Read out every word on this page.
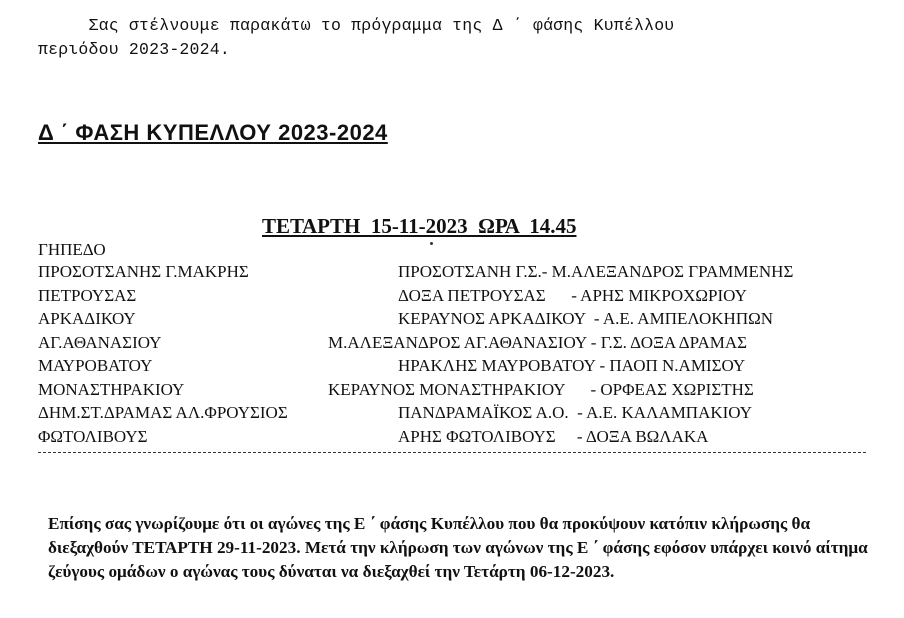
Σας στέλνουμε παρακάτω το πρόγραμμα της Δ ΄ φάσης Κυπέλλου
περιόδου 2023-2024.
Δ ΄ ΦΑΣΗ ΚΥΠΕΛΛΟΥ 2023-2024
ΤΕΤΑΡΤΗ  15-11-2023  ΩΡΑ  14.45
ΓΗΠΕΔΟ

ΠΡΟΣΟΤΣΑΝΗΣ Γ.ΜΑΚΡΗΣ

	ΠΡΟΣΟΤΣΑΝΗ Γ.Σ.- Μ.ΑΛΕΞΑΝΔΡΟΣ ΓΡΑΜΜΕΝΗΣ

ΠΕΤΡΟΥΣΑΣ

	ΔΟΞΑ ΠΕΤΡΟΥΣΑΣ      - ΑΡΗΣ ΜΙΚΡΟΧΩΡΙΟΥ

ΑΡΚΑΔΙΚΟΥ

	ΚΕΡΑΥΝΟΣ ΑΡΚΑΔΙΚΟΥ  - Α.Ε. ΑΜΠΕΛΟΚΗΠΩΝ

ΑΓ.ΑΘΑΝΑΣΙΟΥ

	Μ.ΑΛΕΞΑΝΔΡΟΣ ΑΓ.ΑΘΑΝΑΣΙΟΥ - Γ.Σ. ΔΟΞΑ ΔΡΑΜΑΣ

ΜΑΥΡΟΒΑΤΟΥ

	ΗΡΑΚΛΗΣ ΜΑΥΡΟΒΑΤΟΥ - ΠΑΟΠ Ν.ΑΜΙΣΟΥ

ΜΟΝΑΣΤΗΡΑΚΙΟΥ

	ΚΕΡΑΥΝΟΣ ΜΟΝΑΣΤΗΡΑΚΙΟΥ      - ΟΡΦΕΑΣ ΧΩΡΙΣΤΗΣ

ΔΗΜ.ΣΤ.ΔΡΑΜΑΣ ΑΛ.ΦΡΟΥΣΙΟΣ

	ΠΑΝΔΡΑΜΑΪΚΟΣ Α.Ο.  - Α.Ε. ΚΑΛΑΜΠΑΚΙΟΥ

ΦΩΤΟΛΙΒΟΥΣ

	ΑΡΗΣ ΦΩΤΟΛΙΒΟΥΣ     - ΔΟΞΑ ΒΩΛΑΚΑ

Επίσης σας γνωρίζουμε ότι οι αγώνες της Ε ΄ φάσης Κυπέλλου που θα προκύψουν κατόπιν κλήρωσης θα διεξαχθούν ΤΕΤΑΡΤΗ 29-11-2023. Μετά την κλήρωση των αγώνων της Ε ΄ φάσης εφόσον υπάρχει κοινό αίτημα ζεύγους ομάδων ο αγώνας τους δύναται να διεξαχθεί την Τετάρτη 06-12-2023.
